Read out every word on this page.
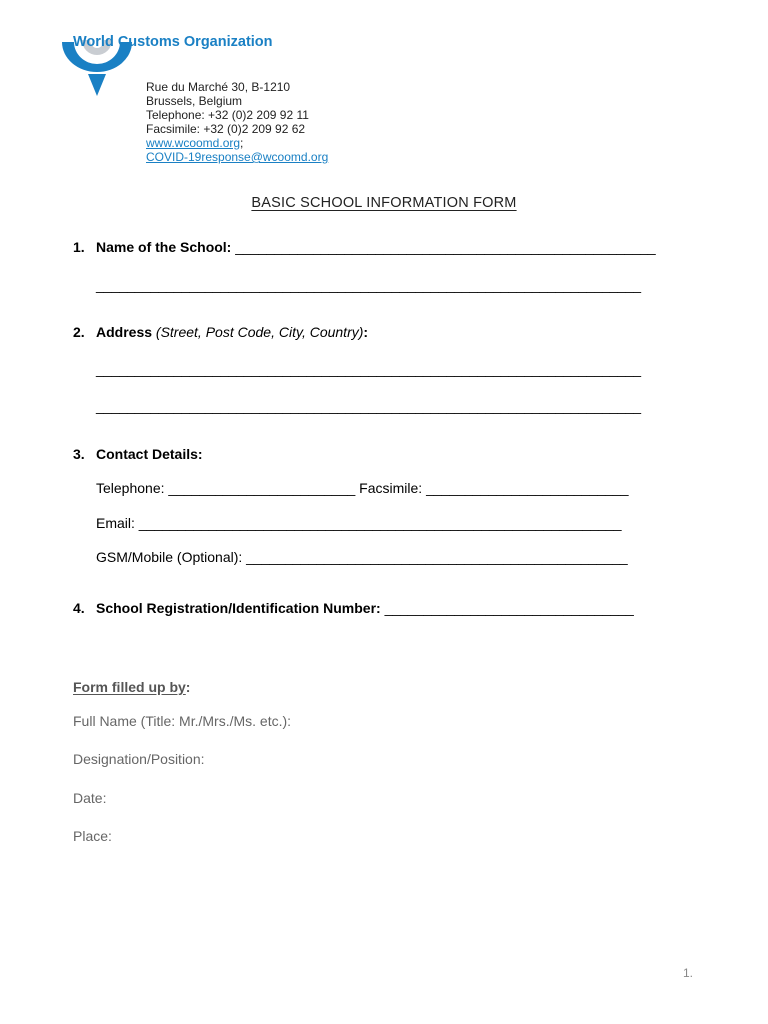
World Customs Organization
Rue du Marché 30, B-1210
Brussels, Belgium
Telephone: +32 (0)2 209 92 11
Facsimile: +32 (0)2 209 92 62
www.wcoomd.org;
COVID-19response@wcoomd.org
BASIC SCHOOL INFORMATION FORM
1. Name of the School: ______________________________________________________
______________________________________________________________________
2. Address (Street, Post Code, City, Country):
______________________________________________________________________
______________________________________________________________________
3. Contact Details:
Telephone: ________________________ Facsimile: __________________________
Email: ______________________________________________________________
GSM/Mobile (Optional): _________________________________________________
4. School Registration/Identification Number: ________________________________
Form filled up by:
Full Name (Title: Mr./Mrs./Ms. etc.):
Designation/Position:
Date:
Place:
1.
